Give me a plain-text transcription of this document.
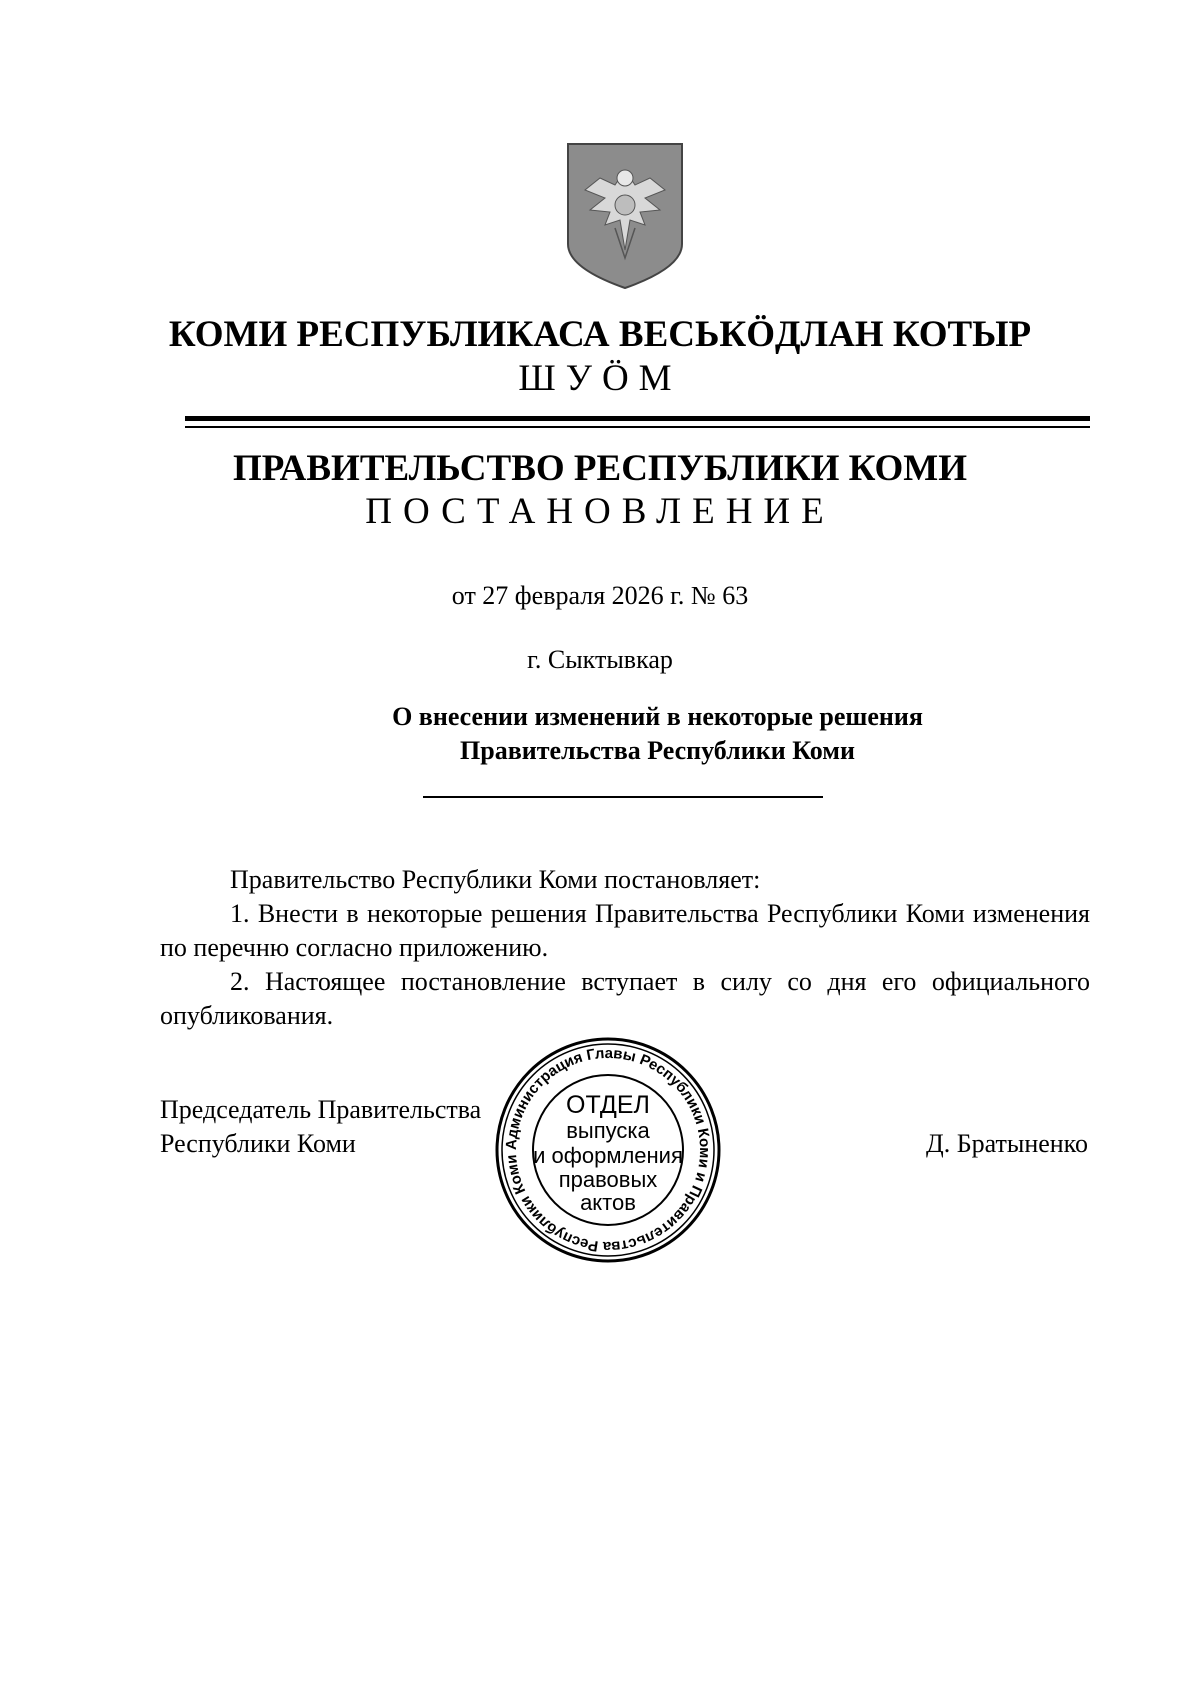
КОМИ РЕСПУБЛИКАСА ВЕСЬКӦДЛАН КОТЫР
ШУӦМ
ПРАВИТЕЛЬСТВО РЕСПУБЛИКИ КОМИ
ПОСТАНОВЛЕНИЕ
от 27 февраля 2026 г. № 63
г. Сыктывкар
О внесении изменений в некоторые решения
Правительства Республики Коми

Правительство Республики Коми постановляет:

1. Внести в некоторые решения Правительства Республики Коми изменения по перечню согласно приложению.

2. Настоящее постановление вступает в силу со дня его официального опубликования.

Председатель Правительства
Республики Коми	Д. Братыненко
Администрация Главы Республики Коми и Правительства Республики Коми
ОТДЕЛ
выпуска
и оформления
правовых
актов
